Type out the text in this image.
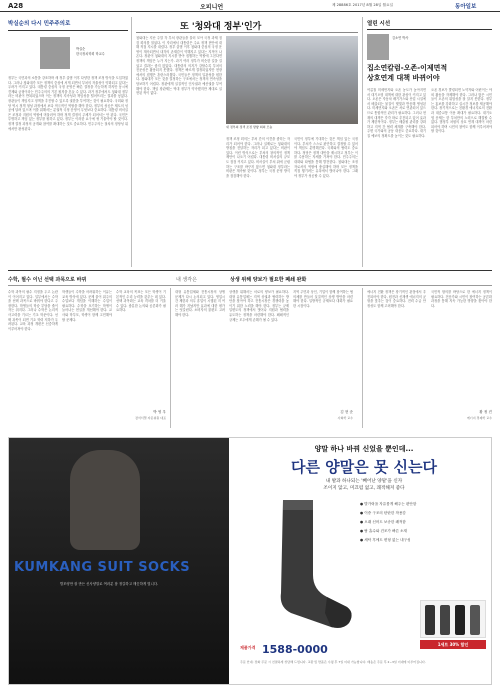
A28	오피니언	제 28886호 2017년 8월 28일 월요일	동아일보
박실순의 다시 민주주의로
박실순
한국정치학회 학교수
정부는 국민과의 소통을 강조하며 새 정부 출범 이후 다양한 정책 조정 방식을 도입하였다. 그러나 청와대가 모든 정책의 중심에 서게 되면서 부처의 자율성이 약화되고 있다는 우려가 커지고 있다. 대통령 중심의 국정 운영은 빠른 결정을 가능하게 하지만 동시에 견제와 균형이라는 민주주의의 기본 원칙을 흔들 수 있다. 과거 정부에서도 청와대 정부라는 비판이 반복되었으며 이는 정책의 지속성과 책임성을 떨어뜨리는 결과를 낳았다. 장관들이 책임지고 정책을 추진할 수 있도록 권한을 부여하는 것이 필요하다. 국회와 정당 역시 정책 형성 과정에서 보다 적극적인 역할을 해야 한다. 정부의 성공은 제도의 성공에 달려 있으며 이를 위해서는 분권적 국정 운영이 무엇보다 중요하다. 대통령 비서실은 조정과 지원의 역할에 머물러야 하며 정책 결정의 주체가 되어서는 안 된다. 국민은 투명하고 책임 있는 정부를 원하고 있다. 정부는 이러한 요구에 귀 기울여야 할 것이다. 정책 결정 과정의 공개와 참여를 확대하는 것도 중요하다. 민주주의는 절차의 정당성 위에서만 완성된다.
또 '청와대 정부'인가
새 정부의 정책 조정 방향 회의 모습
청와대는 지난 주말 각 부처 장관들을 불러 모아 국정 과제 점검 회의를 열었다. 이 자리에서 대통령은 주요 정책 현안에 대해 직접 지시를 내렸다. 정부 출범 이후 청와대 중심의 국정 운영이 계속되면서 내각의 존재감이 약해지고 있다는 지적이 나온다. 장관이 청와대의 지시를 받아 집행하는 역할에 그친다면 정책의 책임은 누가 지는가. 과거 여러 정부가 비슷한 길을 걸었고 결과는 좋지 않았다. 대통령의 의지가 강할수록 부처의 전문성은 활용되지 못했다. 정책은 빠르게 결정되었지만 현장에서의 집행은 혼란스러웠다. 국민들은 정책의 일관성을 원한다. 청와대가 모든 것을 결정하는 구조에서는 정책의 연속성을 담보하기 어렵다. 장관에게 실질적인 인사권과 예산권을 부여해야 한다. 책임 장관제는 역대 정부가 약속했지만 제대로 실현된 적이 없다.
정책 조정 회의는 부처 간의 이견을 좁히는 자리가 되어야 한다. 그러나 실제로는 청와대의 방침을 전달하는 자리가 되고 있다는 비판이 있다. 이런 방식으로는 부처의 창의적인 정책 제안이 나오기 어렵다. 대통령 비서실의 규모도 점점 커지고 있다. 비서실이 부처 위에 군림하는 구조를 바꾸지 않으면 청와대 정부라는 비판은 계속될 것이다. 정부는 국정 운영 방식을 점검해야 한다.
국민이 정부에 기대하는 것은 책임 있는 국정이다. 부처가 스스로 판단하고 결정할 수 있어야 책임도 분명해진다. 국회와의 협력도 중요하다. 정당은 정책 대안을 제시하고 정부는 이를 수용하는 자세를 가져야 한다. 민주주의는 대화와 타협을 통해 발전한다. 청와대는 조정자로서의 역할에 충실해야 하며 모든 정책을 직접 챙기려는 유혹에서 벗어나야 한다. 그래야 정부가 성공할 수 있다.
열린 시선
김소연 박사
집소연칼럼-오존-이제면적
상호연계 대책 바뀌어야
여름철 미세먼지와 오존 농도가 높아지면서 대기오염 대책에 대한 관심이 커지고 있다. 오존은 자동차 배기가스와 산업 시설에서 배출되는 물질이 햇빛과 반응해 생성된다. 미세먼지와 오존은 서로 연관되어 있으므로 통합적인 관리가 필요하다. 그러나 현재의 대책은 각각 따로 추진되고 있어 효과가 제한적이다. 정부는 배출원 관리를 강화하고 지역 간 협력 체계를 구축해야 한다. 주변 국가와의 공동 대응도 중요하다. 대기질 예보의 정확도를 높이는 것도 필요하다.
오존 경보가 발령되면 노약자와 어린이는 야외 활동을 자제해야 한다. 그러나 많은 시민들이 오존의 위험성을 잘 알지 못한다. 정부는 홍보를 강화하고 실시간 정보를 제공해야 한다. 장기적으로는 친환경 에너지로의 전환과 대중교통 이용 확대가 필요하다. 대기오염 문제는 한 부처만의 노력으로 해결할 수 없다. 범정부 차원의 상호 연계 대책이 마련되어야 하며 시민의 참여도 함께 이루어져야 할 것이다.
수학, 필수 이닌 선택 과목으로 바뀌	내 생각은	상생 위해 양보가 필요한 폐쇄 완화
수학 과목의 필수 지정을 두고 논란이 이어지고 있다. 일부에서는 수학을 선택 과목으로 바꿔야 한다고 주장한다. 학생들의 학습 부담을 줄이자는 취지다. 그러나 수학은 논리적 사고력을 기르는 기초 학문이다. 선택 과목이 되면 기초 학력 저하가 우려된다. 교육 과정 개편은 신중하게 이루어져야 한다.
학생들이 수학을 어려워하는 이유는 교육 방식에 있다. 문제 풀이 위주의 수업보다 개념을 이해하는 수업이 필요하다. 수학을 포기하는 학생이 늘어나는 현실을 개선해야 한다. 교사와 학부모, 학생이 함께 고민해야 할 문제다.
수학 교육의 목표는 모든 학생이 기본적인 수리 능력을 갖추는 데 있다. 선택 과목화는 교육 격차를 더 키울 수 있다. 충분한 논의와 공론화가 필요하다.
박 영 우
장석서열 자문위원 대표
대형 유통업체와 전통시장의 상생 문제가 다시 논의되고 있다. 영업시간 제한과 의무 휴업이 시행된 지 여러 해가 지났지만 효과에 대한 평가는 엇갈린다. 소비자의 불편도 고려해야 한다.
상생을 위해서는 서로의 양보가 필요하다. 대형 유통업체는 지역 상권과 협력하는 방안을 찾아야 하고 전통시장은 경쟁력을 높이기 위한 노력을 해야 한다. 정부는 규제 일변도의 정책에서 벗어나 지원과 협력을 유도하는 정책을 마련해야 한다. 폐쇄적인 규제는 모두에게 손해가 될 수 있다.
지역 주민과 상인, 기업이 함께 참여하는 협의체를 만들어 실질적인 상생 방안을 마련해야 한다. 일방적인 규제보다 대화가 필요한 시점이다.
김 현 준
사회학 교수
에너지 전환 정책은 장기적인 관점에서 추진되어야 한다. 원전과 신재생 에너지의 균형을 맞추는 것이 중요하다. 전력 수급 안정성도 함께 고려해야 한다.
국민적 합의를 바탕으로 한 에너지 정책이 필요하다. 전문가와 시민이 참여하는 공론화 과정을 통해 지속 가능한 방향을 찾아야 한다.
황 정 진
에너지 경제학 교수
KUMKANG SUIT SOCKS
발모양만 잘 만든 신사양말로 여러분 참 정갈하고 깨끗하게 빛니다.
양말 하나 바꿔 신었을 뿐인데...
다른 양말은 못 신는다
내 발과 하나되는 '빼어난 양말'을 신자
조이지 않고, 미끄럼 없고, 쾌적해져 좋다
● 발가락을 자유롭게 해주는 편안함
● 이중 구조의 탄탄한 착용감
● 오래 신어도 보송한 쾌적함
● 땀 흡수와 건조가 빠른 소재
● 세탁 후에도 변형 없는 내구성
1세트 30% 할인
제품가격 1588-0000
주문 안내: 전화 주문 시 친절하게 상담해 드립니다. 교환 및 반품은 수령 후 7일 이내 가능합니다. 배송은 주문 후 2~3일 이내에 이루어집니다.
